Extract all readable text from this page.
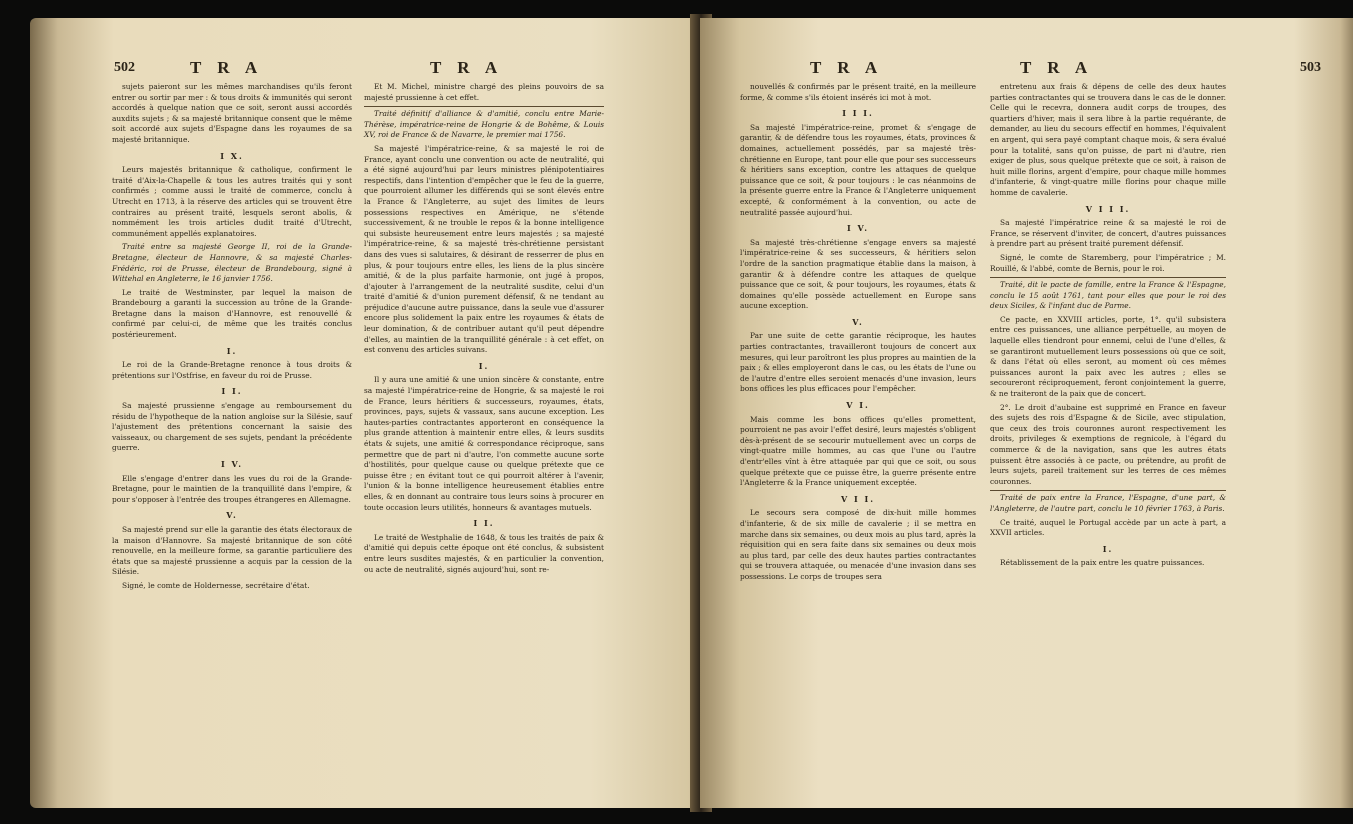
502	T R A	T R A

sujets paieront sur les mêmes marchandises qu'ils feront entrer ou sortir par mer : & tous droits & immunités qui seront accordés à quelque nation que ce soit, seront aussi accordés auxdits sujets ; & sa majesté britannique consent que le même soit accordé aux sujets d'Espagne dans les royaumes de sa majesté britannique.

I X.

Leurs majestés britannique & catholique, confirment le traité d'Aix-la-Chapelle & tous les autres traités qui y sont confirmés ; comme aussi le traité de commerce, conclu à Utrecht en 1713, à la réserve des articles qui se trouvent être contraires au présent traité, lesquels seront abolis, & nommément les trois articles dudit traité d'Utrecht, communément appellés explanatoires.

Traité entre sa majesté George II, roi de la Grande-Bretagne, électeur de Hannovre, & sa majesté Charles-Frédéric, roi de Prusse, électeur de Brandebourg, signé à Wittehal en Angleterre, le 16 janvier 1756.

Le traité de Westminster, par lequel la maison de Brandebourg a garanti la succession au trône de la Grande-Bretagne dans la maison d'Hannovre, est renouvellé & confirmé par celui-ci, de même que les traités conclus postérieurement.

I.

Le roi de la Grande-Bretagne renonce à tous droits & prétentions sur l'Ostfrise, en faveur du roi de Prusse.

I I.

Sa majesté prussienne s'engage au remboursement du résidu de l'hypotheque de la nation angloise sur la Silésie, sauf l'ajustement des prétentions concernant la saisie des vaisseaux, ou chargement de ses sujets, pendant la précédente guerre.

I V.

Elle s'engage d'entrer dans les vues du roi de la Grande-Bretagne, pour le maintien de la tranquillité dans l'empire, & pour s'opposer à l'entrée des troupes étrangeres en Allemagne.

V.

Sa majesté prend sur elle la garantie des états électoraux de la maison d'Hannovre. Sa majesté britannique de son côté renouvelle, en la meilleure forme, sa garantie particuliere des états que sa majesté prussienne a acquis par la cession de la Silésie.

Signé, le comte de Holdernesse, secrétaire d'état.

Et M. Michel, ministre chargé des pleins pouvoirs de sa majesté prussienne à cet effet.

Traité définitif d'alliance & d'amitié, conclu entre Marie-Thérèse, impératrice-reine de Hongrie & de Bohême, & Louis XV, roi de France & de Navarre, le premier mai 1756.

Sa majesté l'impératrice-reine, & sa majesté le roi de France, ayant conclu une convention ou acte de neutralité, qui a été signé aujourd'hui par leurs ministres plénipotentiaires respectifs, dans l'intention d'empêcher que le feu de la guerre, que pourroient allumer les différends qui se sont élevés entre la France & l'Angleterre, au sujet des limites de leurs possessions respectives en Amérique, ne s'étende successivement, & ne trouble le repos & la bonne intelligence qui subsiste heureusement entre leurs majestés ; sa majesté l'impératrice-reine, & sa majesté très-chrétienne persistant dans des vues si salutaires, & désirant de resserrer de plus en plus, & pour toujours entre elles, les liens de la plus sincère amitié, & de la plus parfaite harmonie, ont jugé à propos, d'ajouter à l'arrangement de la neutralité susdite, celui d'un traité d'amitié & d'union purement défensif, & ne tendant au préjudice d'aucune autre puissance, dans la seule vue d'assurer encore plus solidement la paix entre les royaumes & états de leur domination, & de contribuer autant qu'il peut dépendre d'elles, au maintien de la tranquillité générale : à cet effet, on est convenu des articles suivans.

I.

Il y aura une amitié & une union sincère & constante, entre sa majesté l'impératrice-reine de Hongrie, & sa majesté le roi de France, leurs héritiers & successeurs, royaumes, états, provinces, pays, sujets & vassaux, sans aucune exception. Les hautes-parties contractantes apporteront en conséquence la plus grande attention à maintenir entre elles, & leurs susdits états & sujets, une amitié & correspondance réciproque, sans permettre que de part ni d'autre, l'on commette aucune sorte d'hostilités, pour quelque cause ou quelque prétexte que ce puisse être ; en évitant tout ce qui pourroit altérer à l'avenir, l'union & la bonne intelligence heureusement établies entre elles, & en donnant au contraire tous leurs soins à procurer en toute occasion leurs utilités, honneurs & avantages mutuels.

I I.

Le traité de Westphalie de 1648, & tous les traités de paix & d'amitié qui depuis cette époque ont été conclus, & subsistent entre leurs susdites majestés, & en particulier la convention, ou acte de neutralité, signés aujourd'hui, sont re-

T R A	T R A	503

nouvellés & confirmés par le présent traité, en la meilleure forme, & comme s'ils étoient insérés ici mot à mot.

I I I.

Sa majesté l'impératrice-reine, promet & s'engage de garantir, & de défendre tous les royaumes, états, provinces & domaines, actuellement possédés, par sa majesté très-chrétienne en Europe, tant pour elle que pour ses successeurs & héritiers sans exception, contre les attaques de quelque puissance que ce soit, & pour toujours : le cas néanmoins de la présente guerre entre la France & l'Angleterre uniquement excepté, & conformément à la convention, ou acte de neutralité passée aujourd'hui.

I V.

Sa majesté très-chrétienne s'engage envers sa majesté l'impératrice-reine & ses successeurs, & héritiers selon l'ordre de la sanction pragmatique établie dans la maison, à garantir & à défendre contre les attaques de quelque puissance que ce soit, & pour toujours, les royaumes, états & domaines qu'elle possède actuellement en Europe sans aucune exception.

V.

Par une suite de cette garantie réciproque, les hautes parties contractantes, travailleront toujours de concert aux mesures, qui leur paroîtront les plus propres au maintien de la paix ; & elles employeront dans le cas, ou les états de l'une ou de l'autre d'entre elles seroient menacés d'une invasion, leurs bons offices les plus efficaces pour l'empêcher.

V I.

Mais comme les bons offices qu'elles promettent, pourroient ne pas avoir l'effet desiré, leurs majestés s'obligent dès-à-présent de se secourir mutuellement avec un corps de vingt-quatre mille hommes, au cas que l'une ou l'autre d'entr'elles vînt à être attaquée par qui que ce soit, ou sous quelque prétexte que ce puisse être, la guerre présente entre l'Angleterre & la France uniquement exceptée.

V I I.

Le secours sera composé de dix-huit mille hommes d'infanterie, & de six mille de cavalerie ; il se mettra en marche dans six semaines, ou deux mois au plus tard, après la réquisition qui en sera faite dans six semaines ou deux mois au plus tard, par celle des deux hautes parties contractantes qui se trouvera attaquée, ou menacée d'une invasion dans ses possessions. Le corps de troupes sera

entretenu aux frais & dépens de celle des deux hautes parties contractantes qui se trouvera dans le cas de le donner. Celle qui le recevra, donnera audit corps de troupes, des quartiers d'hiver, mais il sera libre à la partie requérante, de demander, au lieu du secours effectif en hommes, l'équivalent en argent, qui sera payé comptant chaque mois, & sera évalué pour la totalité, sans qu'on puisse, de part ni d'autre, rien exiger de plus, sous quelque prétexte que ce soit, à raison de huit mille florins, argent d'empire, pour chaque mille hommes d'infanterie, & vingt-quatre mille florins pour chaque mille homme de cavalerie.

V I I I.

Sa majesté l'impératrice reine & sa majesté le roi de France, se réservent d'inviter, de concert, d'autres puissances à prendre part au présent traité purement défensif.

Signé, le comte de Staremberg, pour l'impératrice ; M. Rouillé, & l'abbé, comte de Bernis, pour le roi.

Traité, dit le pacte de famille, entre la France & l'Espagne, conclu le 15 août 1761, tant pour elles que pour le roi des deux Siciles, & l'infant duc de Parme.

Ce pacte, en XXVIII articles, porte, 1°. qu'il subsistera entre ces puissances, une alliance perpétuelle, au moyen de laquelle elles tiendront pour ennemi, celui de l'une d'elles, & se garantiront mutuellement leurs possessions où que ce soit, & dans l'état où elles seront, au moment où ces mêmes puissances auront la paix avec les autres ; elles se secoureront réciproquement, feront conjointement la guerre, & ne traiteront de la paix que de concert.

2°. Le droit d'aubaine est supprimé en France en faveur des sujets des rois d'Espagne & de Sicile, avec stipulation, que ceux des trois couronnes auront respectivement les droits, privileges & exemptions de regnicole, à l'égard du commerce & de la navigation, sans que les autres états puissent être associés à ce pacte, ou prétendre, au profit de leurs sujets, pareil traitement sur les terres de ces mêmes couronnes.

Traité de paix entre la France, l'Espagne, d'une part, & l'Angleterre, de l'autre part, conclu le 10 février 1763, à Paris.

Ce traité, auquel le Portugal accède par un acte à part, a XXVII articles.

I.

Rétablissement de la paix entre les quatre puissances.
